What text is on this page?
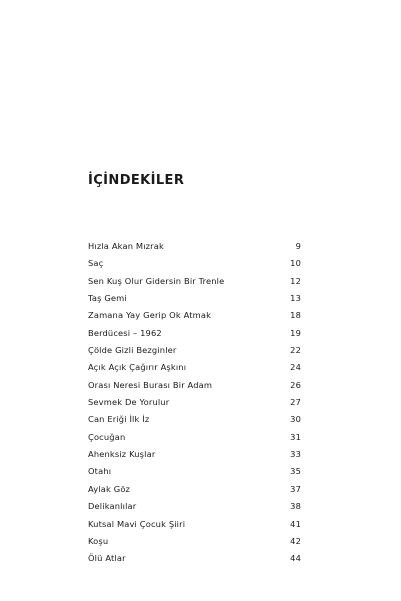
İÇİNDEKİLER
Hızla Akan Mızrak	9
Saç	10
Sen Kuş Olur Gidersin Bir Trenle	12
Taş Gemi	13
Zamana Yay Gerip Ok Atmak	18
Berdücesi – 1962	19
Çölde Gizli Bezginler	22
Açık Açık Çağırır Aşkını	24
Orası Neresi Burası Bir Adam	26
Sevmek De Yorulur	27
Can Eriği İlk İz	30
Çocuğan	31
Ahenksiz Kuşlar	33
Otahı	35
Aylak Göz	37
Delikanlılar	38
Kutsal Mavi Çocuk Şiiri	41
Koşu	42
Ölü Atlar	44
